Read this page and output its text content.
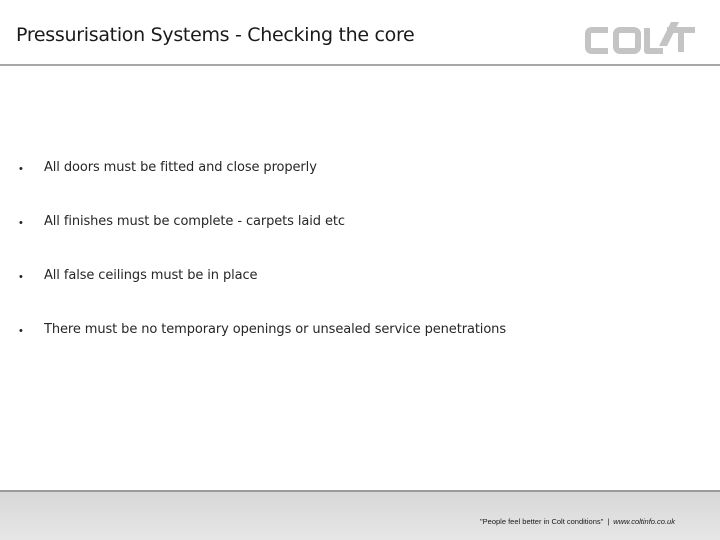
Pressurisation Systems - Checking the core
• All doors must be fitted and close properly
• All finishes must be complete - carpets laid etc
• All false ceilings must be in place
• There must be no temporary openings or unsealed service penetrations
"People feel better in Colt conditions" | www.coltinfo.co.uk
